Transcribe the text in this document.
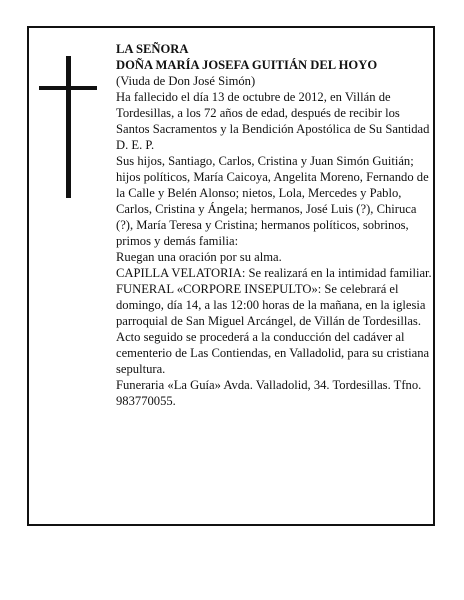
LA SEÑORA

DOÑA MARÍA JOSEFA GUITIÁN DEL HOYO

(Viuda de Don José Simón)

Ha fallecido el día 13 de octubre de 2012, en Villán de Tordesillas, a los 72 años de edad, después de recibir los Santos Sacramentos y la Bendición Apostólica de Su Santidad

D. E. P.

Sus hijos, Santiago, Carlos, Cristina y Juan Simón Guitián; hijos políticos, María Caicoya, Angelita Moreno, Fernando de la Calle y Belén Alonso; nietos, Lola, Mercedes y Pablo, Carlos, Cristina y Ángela; hermanos, José Luis (?), Chiruca (?), María Teresa y Cristina; hermanos políticos, sobrinos, primos y demás familia:

Ruegan una oración por su alma.

CAPILLA VELATORIA: Se realizará en la intimidad familiar.

FUNERAL «CORPORE INSEPULTO»: Se celebrará el domingo, día 14, a las 12:00 horas de la mañana, en la iglesia parroquial de San Miguel Arcángel, de Villán de Tordesillas. Acto seguido se procederá a la conducción del cadáver al cementerio de Las Contiendas, en Valladolid, para su cristiana sepultura.

Funeraria «La Guía» Avda. Valladolid, 34. Tordesillas. Tfno. 983770055.
